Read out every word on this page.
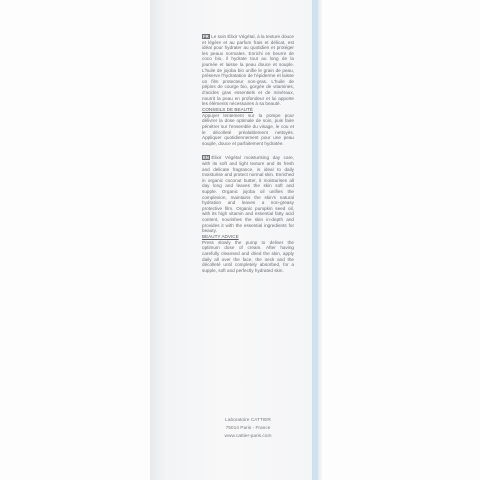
FR Le soin Élixir Végétal, à la texture douce et légère et au parfum frais et délicat, est idéal pour hydrater au quotidien et protéger les peaux normales. Enrichi en beurre de coco bio, il hydrate tout au long de la journée et laisse la peau douce et souple. L'huile de jojoba bio unifie le grain de peau, préserve l'hydratation de l'épiderme et laisse un film protecteur non-gras. L'huile de pépins de courge bio, gorgée de vitamines, d'acides gras essentiels et de minéraux, nourrit la peau en profondeur et lui apporte les éléments nécessaires à sa beauté.

CONSEILS DE BEAUTÉ

Appuyer lentement sur la pompe pour délivrer la dose optimale de soin, puis faire pénétrer sur l'ensemble du visage, le cou et le décolleté préalablement nettoyés. Appliquer quotidiennement pour une peau souple, douce et parfaitement hydratée.

EN Élixir Végétal moisturising day care, with its soft and light texture and its fresh and delicate fragrance, is ideal to daily moisturise and protect normal skin. Enriched in organic coconut butter, it moisturises all day long and leaves the skin soft and supple. Organic jojoba oil unifies the complexion, maintains the skin's natural hydration and leaves a non-greasy protective film. Organic pumpkin seed oil, with its high vitamin and essential fatty acid content, nourishes the skin in-depth and provides it with the essential ingredients for beauty.

BEAUTY ADVICE

Press slowly the pump to deliver the optimum dose of cream. After having carefully cleansed and dried the skin, apply daily all over the face, the neck and the décolleté until completely absorbed, for a supple, soft and perfectly hydrated skin.

Laboratoire CATTIER
75014 Paris - France
www.cattier-paris.com
